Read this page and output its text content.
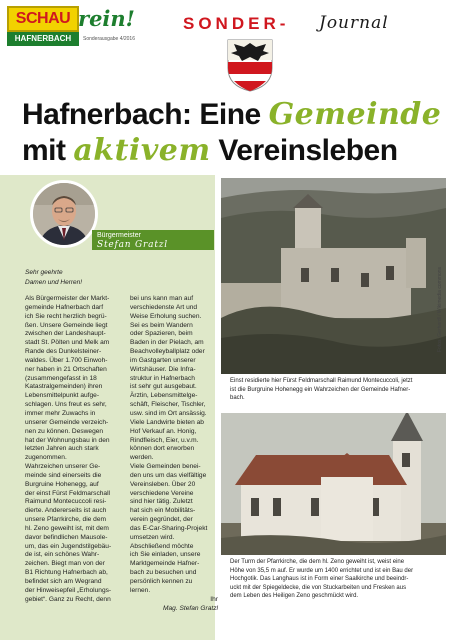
SCHAU rein!
HAFNERBACH	Sonderausgabe 4/2016
SONDER- Journal
Hafnerbach: Eine Gemeinde
mit aktivem Vereinsleben
Bürgermeister
Stefan Gratzl
Sehr geehrte
Damen und Herren!
Als Bürgermeister der Markt-
gemeinde Hafnerbach darf
ich Sie recht herzlich begrü-
ßen. Unsere Gemeinde liegt
zwischen der Landeshaupt-
stadt St. Pölten und Melk am
Rande des Dunkelsteiner-
waldes. Über 1.700 Einwoh-
ner haben in 21 Ortschaften
(zusammengefasst in 18
Katastralgemeinden) ihren
Lebensmittelpunkt aufge-
schlagen. Uns freut es sehr,
immer mehr Zuwachs in
unserer Gemeinde verzeich-
nen zu können. Deswegen
hat der Wohnungsbau in den
letzten Jahren auch stark
zugenommen.
Wahrzeichen unserer Ge-
meinde sind einerseits die
Burgruine Hohenegg, auf
der einst Fürst Feldmarschall
Raimund Montecuccoli resi-
dierte. Andererseits ist auch
unsere Pfarrkirche, die dem
hl. Zeno geweiht ist, mit dem
davor befindlichen Mausole-
um, das ein Jugendstilgebäu-
de ist, ein schönes Wahr-
zeichen. Biegt man von der
B1 Richtung Hafnerbach ab,
befindet sich am Wegrand
der Hinweisepfeil „Erholungs-
gebiet“. Ganz zu Recht, denn
bei uns kann man auf
verschiedenste Art und
Weise Erholung suchen.
Sei es beim Wandern
oder Spazieren, beim
Baden in der Pielach, am
Beachvolleyballplatz oder
im Gastgarten unserer
Wirtshäuser. Die Infra-
struktur in Hafnerbach
ist sehr gut ausgebaut.
Ärztin, Lebensmittelge-
schäft, Fleischer, Tischler,
usw. sind im Ort ansässig.
Viele Landwirte bieten ab
Hof Verkauf an. Honig,
Rindfleisch, Eier, u.v.m.
können dort erworben
werden.
Viele Gemeinden benei-
den uns um das vielfältige
Vereinsleben. Über 20
verschiedene Vereine
sind hier tätig. Zuletzt
hat sich ein Mobilitäts-
verein gegründet, der
das E-Car-Sharing-Projekt
umsetzen wird.
Abschließend möchte
ich Sie einladen, unsere
Marktgemeinde Hafner-
bach zu besuchen und
persönlich kennen zu
lernen.
Ihr
Mag. Stefan Gratzl
Einst residierte hier Fürst Feldmarschall Raimund Montecuccoli, jetzt
ist die Burgruine Hohenegg ein Wahrzeichen der Gemeinde Hafner-
bach.
Der Turm der Pfarrkirche, die dem hl. Zeno geweiht ist, weist eine
Höhe von 35,5 m auf. Er wurde um 1400 errichtet und ist ein Bau der
Hochgotik. Das Langhaus ist in Form einer Saalkirche und beeindr-
uckt mit der Spiegeldecke, die von Stuckarbeiten und Fresken aus
dem Leben des Heiligen Zeno geschmückt wird.
Fotos: Gerhardl / Wikimedia commons
